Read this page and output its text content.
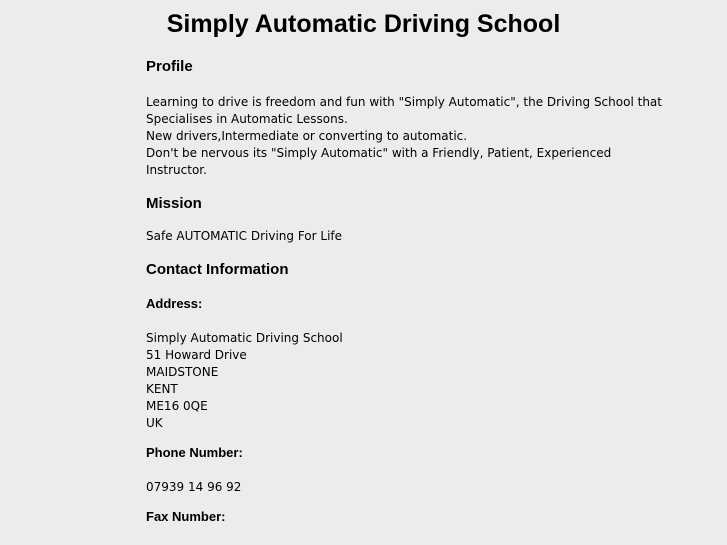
Simply Automatic Driving School
Profile

Learning to drive is freedom and fun with "Simply Automatic", the Driving School that Specialises in Automatic Lessons.

New drivers,Intermediate or converting to automatic.
Don't be nervous its "Simply Automatic" with a Friendly, Patient, Experienced Instructor.
Mission

Safe AUTOMATIC Driving For Life

Contact Information
Address:
Simply Automatic Driving School
51 Howard Drive
MAIDSTONE
KENT
ME16 0QE
UK
Phone Number:

07939 14 96 92

Fax Number:
